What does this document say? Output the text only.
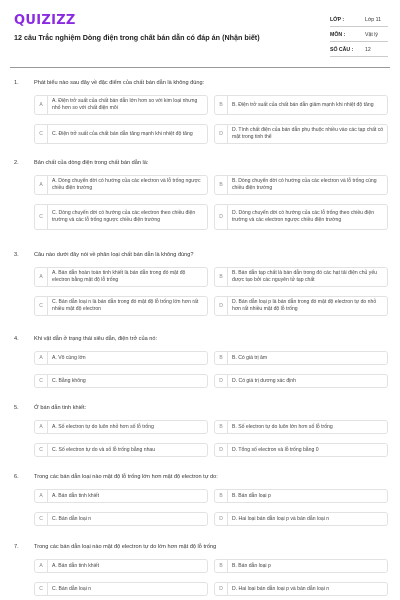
QUIZIZZ
12 câu Trắc nghiệm Dòng điện trong chất bán dẫn có đáp án (Nhận biết)
LỚP :	Lớp 11
MÔN :	Vật lý
SỐ CÂU : 12
1.	Phát biểu nào sau đây về đặc điểm của chất bán dẫn là không đúng:
A
A. Điện trở suất của chất bán dẫn lớn hơn so với kim loại nhưng nhỏ hơn so với chất điện môi	B	B. Điện trở suất của chất bán dẫn giảm mạnh khi nhiệt độ tăng
C	C. Điện trở suất của chất bán dẫn tăng mạnh khi nhiệt độ tăng	D
D. Tính chất điện của bán dẫn phụ thuộc nhiều vào các tạp chất có mặt trong tinh thể
2.	Bản chất của dòng điện trong chất bán dẫn là:
A
A. Dòng chuyển dời có hướng của các electron và lỗ trống ngược chiều điện trường	B
B. Dòng chuyển dời có hướng của các electron và lỗ trống cùng chiều điện trường
C
C. Dòng chuyển dời có hướng của các electron theo chiều điện trường và các lỗ trống ngược chiều điện trường	D
D. Dòng chuyển dời có hướng của các lỗ trống theo chiều điện trường và các electron ngược chiều điện trường
3.	Câu nào dưới đây nói về phân loại chất bán dẫn là không đúng?
A
A. Bán dẫn hoàn toàn tinh khiết là bán dẫn trong đó mật độ electron bằng mật độ lỗ trống	B
B. Bán dẫn tạp chất là bán dẫn trong đó các hạt tải điện chủ yếu được tạo bởi các nguyên tử tạp chất
C
C. Bán dẫn loại n là bán dẫn trong đó mật độ lỗ trống lớn hơn rất nhiều mật độ electron	D
D. Bán dẫn loại p là bán dẫn trong đó mật độ electron tự do nhỏ hơn rất nhiều mật độ lỗ trống
4.	Khi vật dẫn ở trạng thái siêu dẫn, điện trở của nó:
A	A. Vô cùng lớn	B	B. Có giá trị âm
C	C. Bằng không	D	D. Có giá trị dương xác định
5.	Ở bán dẫn tinh khiết:
A	A. Số electron tự do luôn nhỏ hơn số lỗ trống	B	B. Số electron tự do luôn lớn hơn số lỗ trống
C	C. Số electron tự do và số lỗ trống bằng nhau	D	D. Tổng số electron và lỗ trống bằng 0
6.	Trong các bán dẫn loại nào mật độ lỗ trống lớn hơn mật độ electron tự do:
A	A. Bán dẫn tinh khiết	B	B. Bán dẫn loại p
C	C. Bán dẫn loại n	D	D. Hai loại bán dẫn loại p và bán dẫn loại n
7.	Trong các bán dẫn loại nào mật độ electron tự do lớn hơn mật độ lỗ trống
A	A. Bán dẫn tinh khiết	B	B. Bán dẫn loại p
C	C. Bán dẫn loại n	D	D. Hai loại bán dẫn loại p và bán dẫn loại n
